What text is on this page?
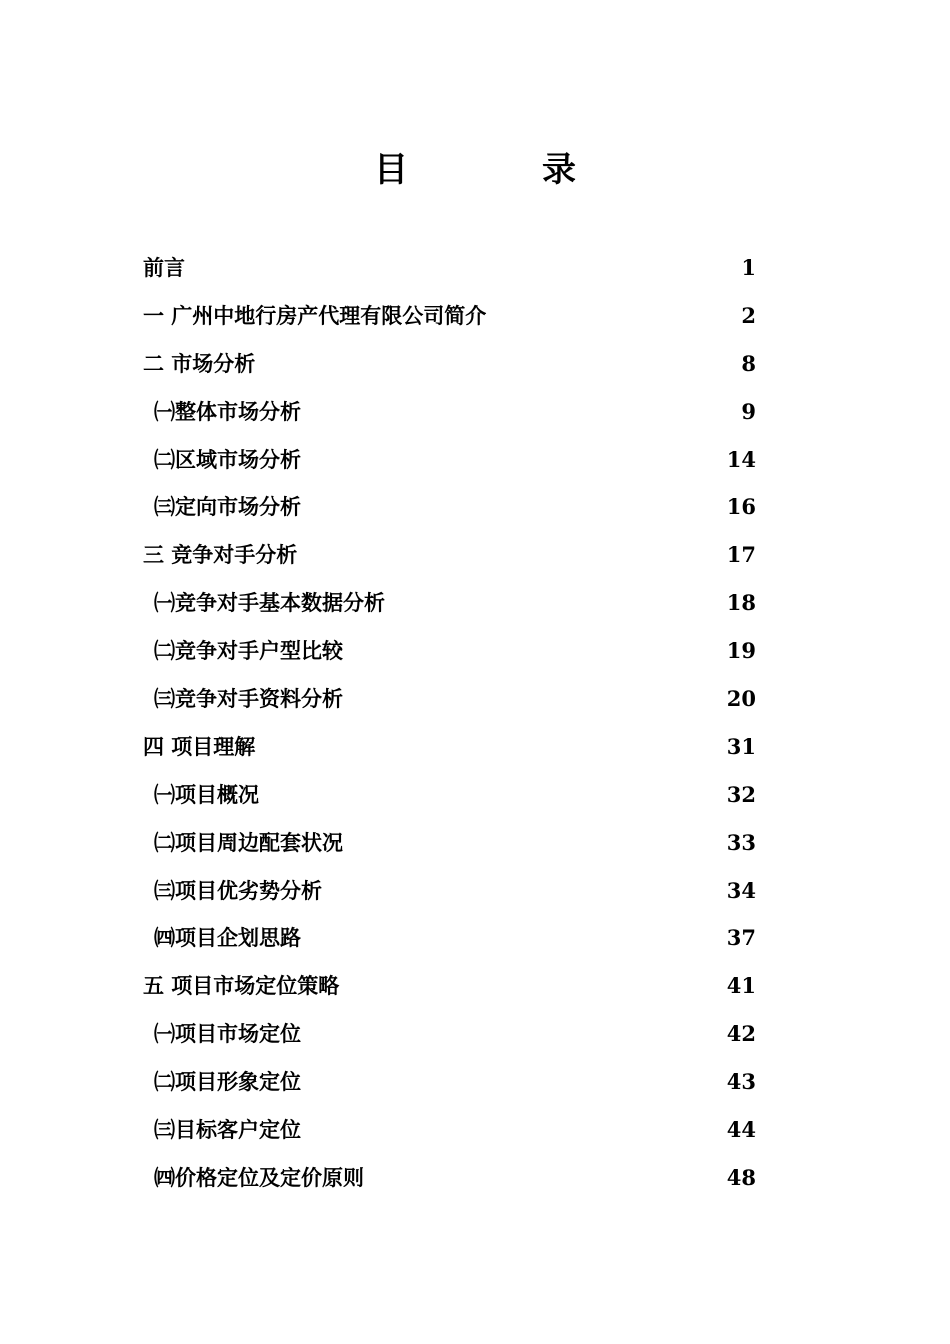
目　录
前言	1
一 广州中地行房产代理有限公司简介	2
二 市场分析	8
㈠整体市场分析	9
㈡区域市场分析	14
㈢定向市场分析	16
三 竞争对手分析	17
㈠竞争对手基本数据分析	18
㈡竞争对手户型比较	19
㈢竞争对手资料分析	20
四 项目理解	31
㈠项目概况	32
㈡项目周边配套状况	33
㈢项目优劣势分析	34
㈣项目企划思路	37
五 项目市场定位策略	41
㈠项目市场定位	42
㈡项目形象定位	43
㈢目标客户定位	44
㈣价格定位及定价原则	48
